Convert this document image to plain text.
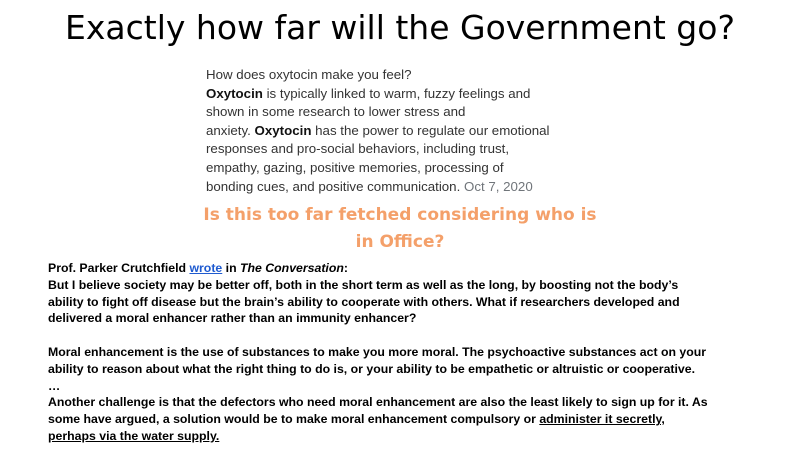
Exactly how far will the Government go?
How does oxytocin make you feel?
Oxytocin is typically linked to warm, fuzzy feelings and
shown in some research to lower stress and
anxiety. Oxytocin has the power to regulate our emotional
responses and pro-social behaviors, including trust,
empathy, gazing, positive memories, processing of
bonding cues, and positive communication. Oct 7, 2020
Is this too far fetched considering who is
in Office?
Prof. Parker Crutchfield wrote in The Conversation:
But I believe society may be better off, both in the short term as well as the long, by boosting not the body’s
ability to fight off disease but the brain’s ability to cooperate with others. What if researchers developed and
delivered a moral enhancer rather than an immunity enhancer?
Moral enhancement is the use of substances to make you more moral. The psychoactive substances act on your
ability to reason about what the right thing to do is, or your ability to be empathetic or altruistic or cooperative.
…
Another challenge is that the defectors who need moral enhancement are also the least likely to sign up for it. As
some have argued, a solution would be to make moral enhancement compulsory or administer it secretly,
perhaps via the water supply.
